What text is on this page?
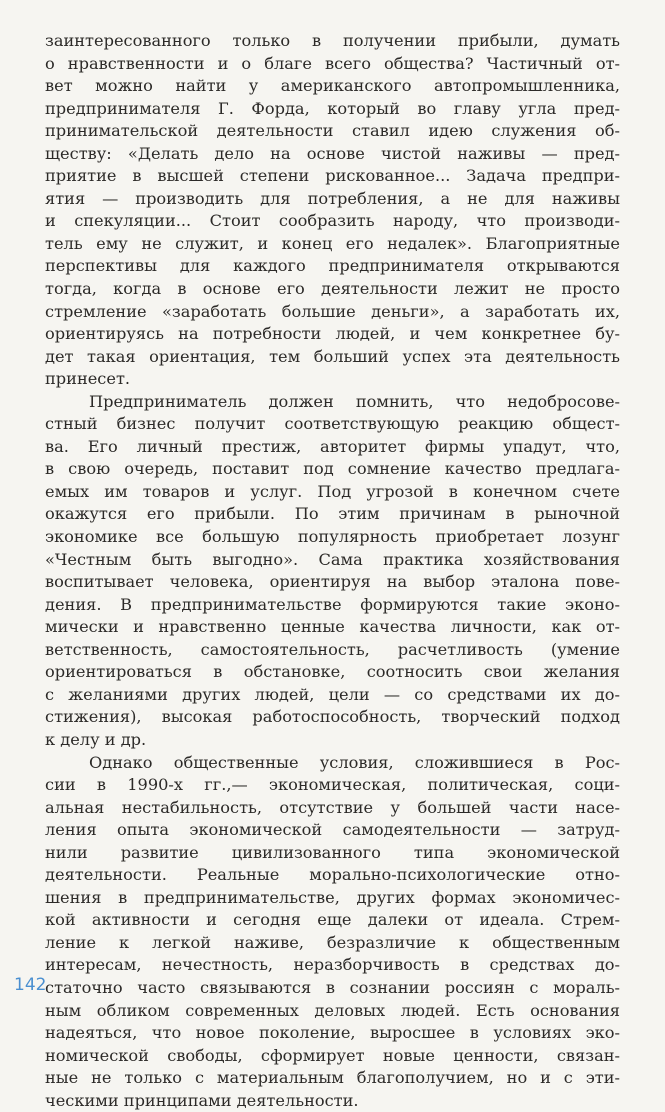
заинтересованного только в получении прибыли, думать
о нравственности и о благе всего общества? Частичный от-
вет можно найти у американского автопромышленника,
предпринимателя Г. Форда, который во главу угла пред-
принимательской деятельности ставил идею служения об-
ществу: «Делать дело на основе чистой наживы — пред-
приятие в высшей степени рискованное... Задача предпри-
ятия — производить для потребления, а не для наживы
и спекуляции... Стоит сообразить народу, что производи-
тель ему не служит, и конец его недалек». Благоприятные
перспективы для каждого предпринимателя открываются
тогда, когда в основе его деятельности лежит не просто
стремление «заработать большие деньги», а заработать их,
ориентируясь на потребности людей, и чем конкретнее бу-
дет такая ориентация, тем больший успех эта деятельность
принесет.
Предприниматель должен помнить, что недобросове-
стный бизнес получит соответствующую реакцию общест-
ва. Его личный престиж, авторитет фирмы упадут, что,
в свою очередь, поставит под сомнение качество предлага-
емых им товаров и услуг. Под угрозой в конечном счете
окажутся его прибыли. По этим причинам в рыночной
экономике все большую популярность приобретает лозунг
«Честным быть выгодно». Сама практика хозяйствования
воспитывает человека, ориентируя на выбор эталона пове-
дения. В предпринимательстве формируются такие эконо-
мически и нравственно ценные качества личности, как от-
ветственность, самостоятельность, расчетливость (умение
ориентироваться в обстановке, соотносить свои желания
с желаниями других людей, цели — со средствами их до-
стижения), высокая работоспособность, творческий подход
к делу и др.
Однако общественные условия, сложившиеся в Рос-
сии в 1990-х гг.,— экономическая, политическая, соци-
альная нестабильность, отсутствие у большей части насе-
ления опыта экономической самодеятельности — затруд-
нили развитие цивилизованного типа экономической
деятельности. Реальные морально-психологические отно-
шения в предпринимательстве, других формах экономичес-
кой активности и сегодня еще далеки от идеала. Стрем-
ление к легкой наживе, безразличие к общественным
интересам, нечестность, неразборчивость в средствах до-
статочно часто связываются в сознании россиян с мораль-
ным обликом современных деловых людей. Есть основания
надеяться, что новое поколение, выросшее в условиях эко-
номической свободы, сформирует новые ценности, связан-
ные не только с материальным благополучием, но и с эти-
ческими принципами деятельности.
142
